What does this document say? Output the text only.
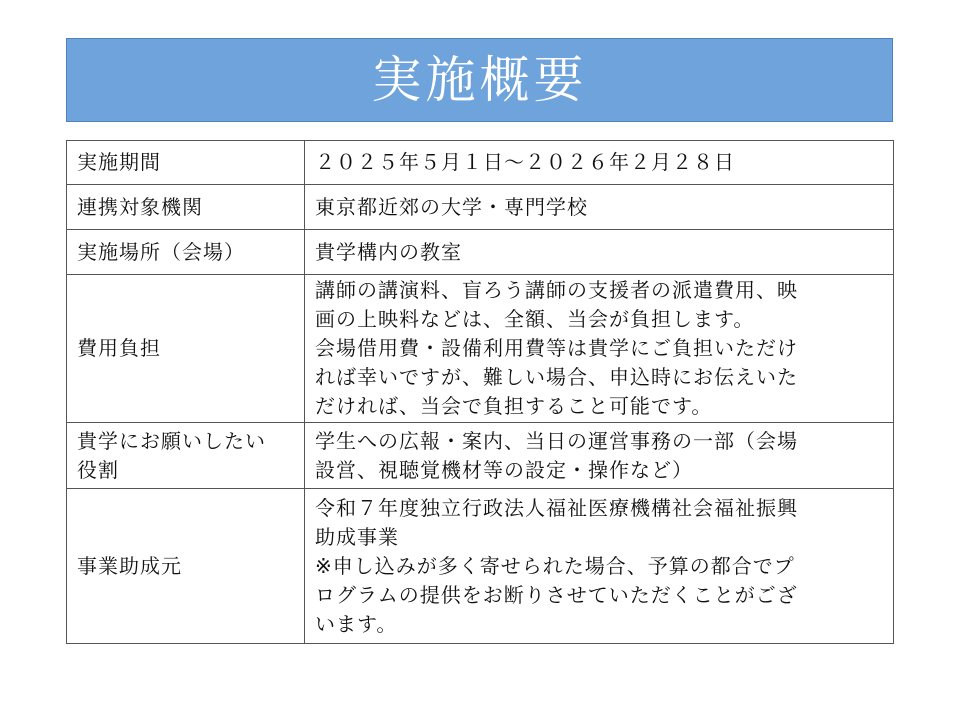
実施概要
実施期間	２０２５年５月１日～２０２６年２月２８日

連携対象機関	東京都近郊の大学・専門学校

実施場所（会場）	貴学構内の教室

費用負担	講師の講演料、盲ろう講師の支援者の派遣費用、映
画の上映料などは、全額、当会が負担します。
会場借用費・設備利用費等は貴学にご負担いただけ
れば幸いですが、難しい場合、申込時にお伝えいた
だければ、当会で負担すること可能です。

貴学にお願いしたい
役割	学生への広報・案内、当日の運営事務の一部（会場
設営、視聴覚機材等の設定・操作など）

事業助成元	令和７年度独立行政法人福祉医療機構社会福祉振興
助成事業
※申し込みが多く寄せられた場合、予算の都合でプ
ログラムの提供をお断りさせていただくことがござ
います。
